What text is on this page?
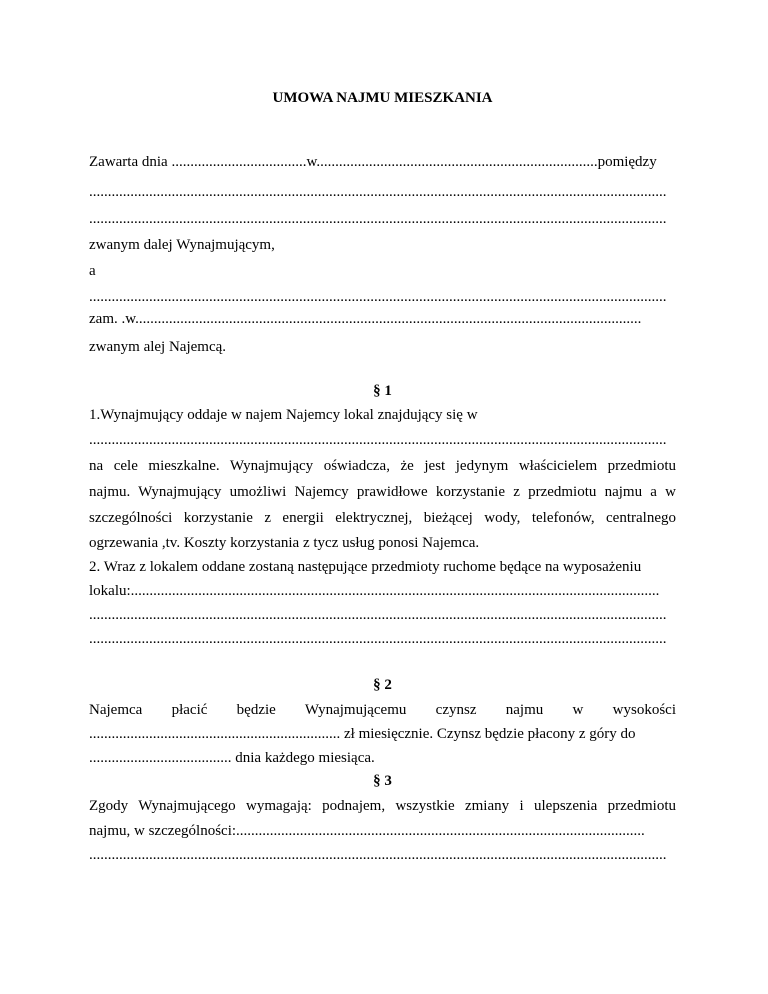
UMOWA NAJMU MIESZKANIA
Zawarta dnia ....................................w...........................................................................pomiędzy
..........................................................................................................................................................
..........................................................................................................................................................
zwanym dalej Wynajmującym,
a
..........................................................................................................................................................
zam. .w.......................................................................................................................................
zwanym alej Najemcą.
§ 1
1.Wynajmujący oddaje w najem Najemcy lokal znajdujący się w
..........................................................................................................................................................
na cele mieszkalne. Wynajmujący oświadcza, że jest jedynym właścicielem przedmiotu
najmu. Wynajmujący umożliwi Najemcy prawidłowe korzystanie z przedmiotu najmu a w
szczególności korzystanie z energii elektrycznej, bieżącej wody, telefonów, centralnego
ogrzewania ,tv. Koszty korzystania z tycz usług ponosi Najemca.
2. Wraz z lokalem oddane zostaną następujące przedmioty ruchome będące na wyposażeniu
lokalu:.............................................................................................................................................
..........................................................................................................................................................
..........................................................................................................................................................
§ 2
Najemca płacić będzie Wynajmującemu czynsz najmu w wysokości
................................................................... zł miesięcznie. Czynsz będzie płacony z góry do
...................................... dnia każdego miesiąca.
§ 3
Zgody Wynajmującego wymagają: podnajem, wszystkie zmiany i ulepszenia przedmiotu
najmu, w szczególności:.............................................................................................................
..........................................................................................................................................................
